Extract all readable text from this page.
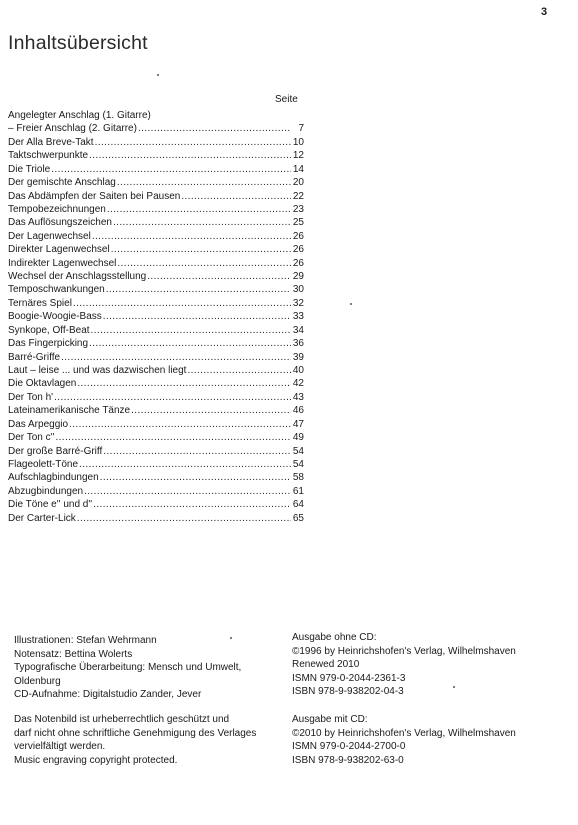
3
Inhaltsübersicht
Seite
Angelegter Anschlag (1. Gitarre)
– Freier Anschlag (2. Gitarre) .....	7
Der Alla Breve-Takt .....	10
Taktschwerpunkte .....	12
Die Triole .....	14
Der gemischte Anschlag .....	20
Das Abdämpfen der Saiten bei Pausen .....	22
Tempobezeichnungen .....	23
Das Auflösungszeichen .....	25
Der Lagenwechsel .....	26
Direkter Lagenwechsel .....	26
Indirekter Lagenwechsel .....	26
Wechsel der Anschlagsstellung .....	29
Temposchwankungen .....	30
Ternäres Spiel .....	32
Boogie-Woogie-Bass .....	33
Synkope, Off-Beat .....	34
Das Fingerpicking .....	36
Barré-Griffe .....	39
Laut – leise ... und was dazwischen liegt .....	40
Die Oktavlagen .....	42
Der Ton h' .....	43
Lateinamerikanische Tänze .....	46
Das Arpeggio .....	47
Der Ton c'' .....	49
Der große Barré-Griff .....	54
Flageolett-Töne .....	54
Aufschlagbindungen .....	58
Abzugbindungen .....	61
Die Töne e'' und d'' .....	64
Der Carter-Lick .....	65
Illustrationen: Stefan Wehrmann
Notensatz: Bettina Wolerts
Typografische Überarbeitung: Mensch und Umwelt,
Oldenburg
CD-Aufnahme: Digitalstudio Zander, Jever
Das Notenbild ist urheberrechtlich geschützt und
darf nicht ohne schriftliche Genehmigung des Verlages
vervielfältigt werden.
Music engraving copyright protected.
Ausgabe ohne CD:
©1996 by Heinrichshofen's Verlag, Wilhelmshaven
Renewed 2010
ISMN 979-0-2044-2361-3
ISBN 978-9-938202-04-3
Ausgabe mit CD:
©2010 by Heinrichshofen's Verlag, Wilhelmshaven
ISMN 979-0-2044-2700-0
ISBN 978-9-938202-63-0
